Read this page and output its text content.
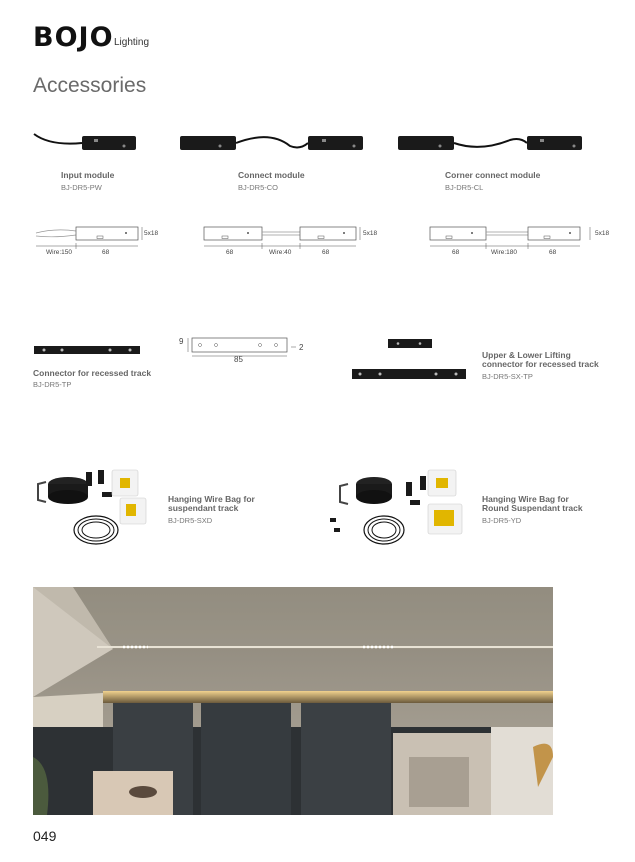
BOJO Lighting
Accessories
Input module
BJ-DR5-PW
Connect module
BJ-DR5-CO
Corner connect module
BJ-DR5-CL
Wire:150	68
5x18
68	Wire:40	68
5x18
68	Wire:180	68
5x18
Connector for recessed track
BJ-DR5-TP
9
2
85	Upper & Lower Lifting
connector for recessed track
BJ-DR5-SX-TP
Hanging Wire Bag for
suspendant track
BJ-DR5-SXD
Hanging Wire Bag for
Round Suspendant track
BJ-DR5-YD
049
